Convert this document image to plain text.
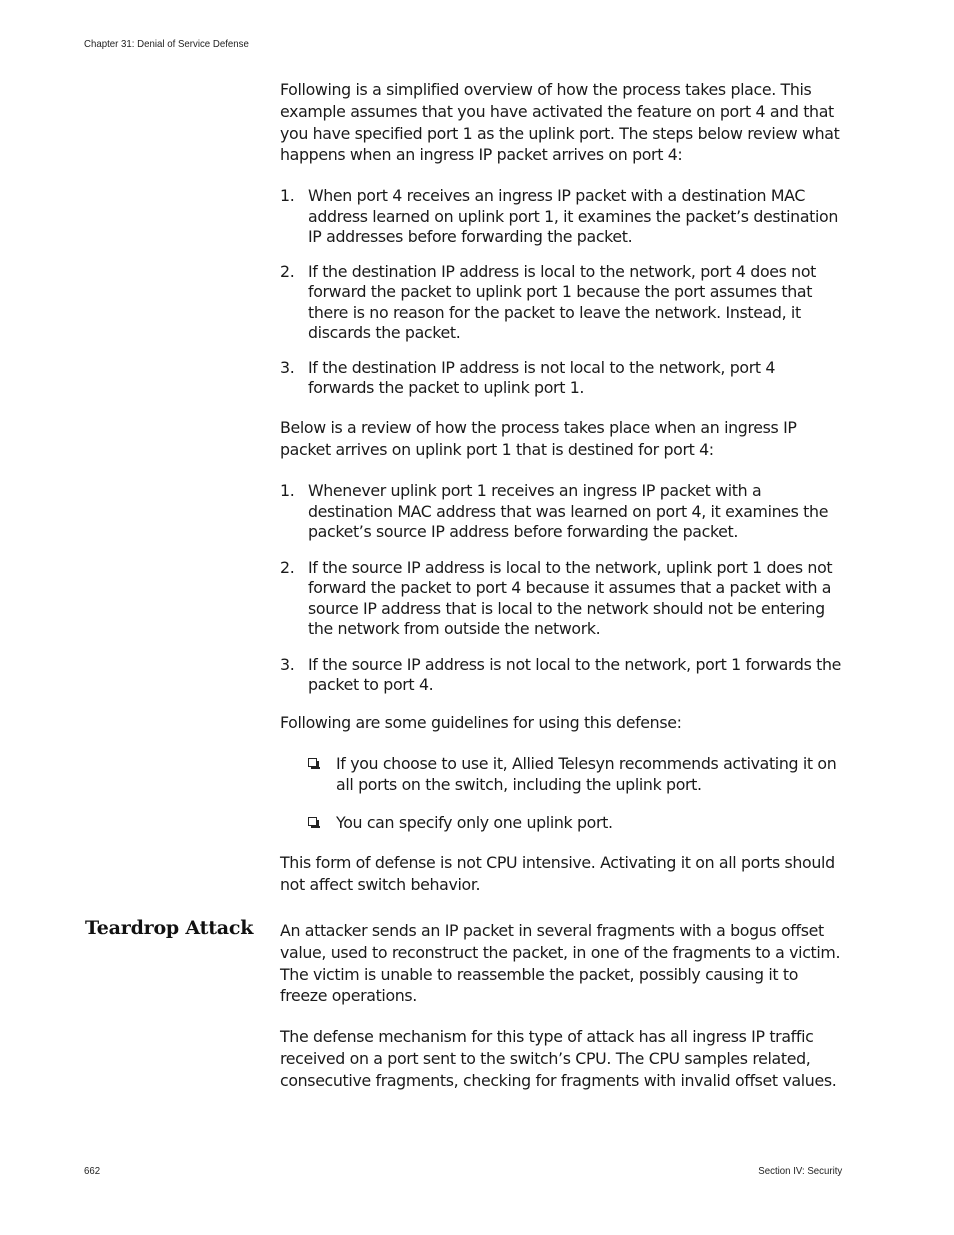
Chapter 31: Denial of Service Defense

Following is a simplified overview of how the process takes place. This example assumes that you have activated the feature on port 4 and that you have specified port 1 as the uplink port. The steps below review what happens when an ingress IP packet arrives on port 4:

1. When port 4 receives an ingress IP packet with a destination MAC address learned on uplink port 1, it examines the packet’s destination IP addresses before forwarding the packet.
2. If the destination IP address is local to the network, port 4 does not forward the packet to uplink port 1 because the port assumes that there is no reason for the packet to leave the network. Instead, it discards the packet.
3. If the destination IP address is not local to the network, port 4 forwards the packet to uplink port 1.

Below is a review of how the process takes place when an ingress IP packet arrives on uplink port 1 that is destined for port 4:

1. Whenever uplink port 1 receives an ingress IP packet with a destination MAC address that was learned on port 4, it examines the packet’s source IP address before forwarding the packet.
2. If the source IP address is local to the network, uplink port 1 does not forward the packet to port 4 because it assumes that a packet with a source IP address that is local to the network should not be entering the network from outside the network.
3. If the source IP address is not local to the network, port 1 forwards the packet to port 4.

Following are some guidelines for using this defense:

If you choose to use it, Allied Telesyn recommends activating it on all ports on the switch, including the uplink port.
You can specify only one uplink port.

This form of defense is not CPU intensive. Activating it on all ports should not affect switch behavior.

Teardrop Attack An attacker sends an IP packet in several fragments with a bogus offset value, used to reconstruct the packet, in one of the fragments to a victim. The victim is unable to reassemble the packet, possibly causing it to freeze operations.

The defense mechanism for this type of attack has all ingress IP traffic received on a port sent to the switch’s CPU. The CPU samples related, consecutive fragments, checking for fragments with invalid offset values.

662	Section IV: Security
